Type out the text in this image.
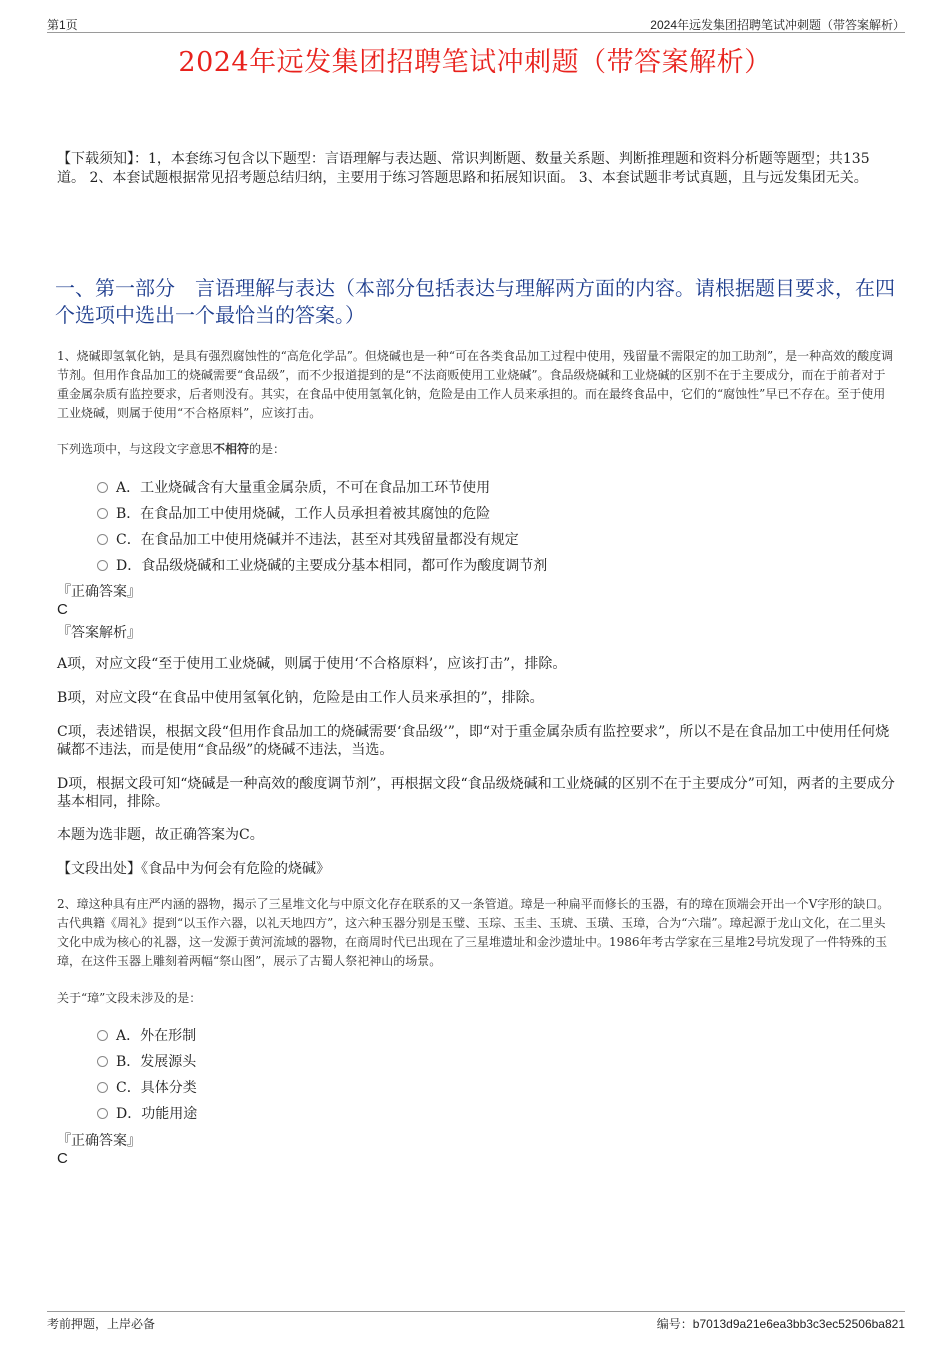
第1页	2024年远发集团招聘笔试冲刺题（带答案解析）
2024年远发集团招聘笔试冲刺题（带答案解析）
【下载须知】：1，本套练习包含以下题型：言语理解与表达题、常识判断题、数量关系题、判断推理题和资料分析题等题型；共135道。 2、本套试题根据常见招考题总结归纳，主要用于练习答题思路和拓展知识面。 3、本套试题非考试真题，且与远发集团无关。
一、第一部分　言语理解与表达（本部分包括表达与理解两方面的内容。请根据题目要求，在四个选项中选出一个最恰当的答案。）
1、烧碱即氢氧化钠，是具有强烈腐蚀性的“高危化学品”。但烧碱也是一种“可在各类食品加工过程中使用，残留量不需限定的加工助剂”，是一种高效的酸度调节剂。但用作食品加工的烧碱需要“食品级”，而不少报道提到的是“不法商贩使用工业烧碱”。食品级烧碱和工业烧碱的区别不在于主要成分，而在于前者对于重金属杂质有监控要求，后者则没有。其实，在食品中使用氢氧化钠，危险是由工作人员来承担的。而在最终食品中，它们的“腐蚀性”早已不存在。至于使用工业烧碱，则属于使用“不合格原料”，应该打击。
下列选项中，与这段文字意思不相符的是：
A．工业烧碱含有大量重金属杂质，不可在食品加工环节使用
B．在食品加工中使用烧碱，工作人员承担着被其腐蚀的危险
C．在食品加工中使用烧碱并不违法，甚至对其残留量都没有规定
D．食品级烧碱和工业烧碱的主要成分基本相同，都可作为酸度调节剂
『正确答案』
C
『答案解析』
A项，对应文段“至于使用工业烧碱，则属于使用‘不合格原料’，应该打击”，排除。
B项，对应文段“在食品中使用氢氧化钠，危险是由工作人员来承担的”，排除。
C项，表述错误，根据文段“但用作食品加工的烧碱需要‘食品级’”，即“对于重金属杂质有监控要求”，所以不是在食品加工中使用任何烧碱都不违法，而是使用“食品级”的烧碱不违法，当选。
D项，根据文段可知“烧碱是一种高效的酸度调节剂”，再根据文段“食品级烧碱和工业烧碱的区别不在于主要成分”可知，两者的主要成分基本相同，排除。
本题为选非题，故正确答案为C。
【文段出处】《食品中为何会有危险的烧碱》
2、璋这种具有庄严内涵的器物，揭示了三星堆文化与中原文化存在联系的又一条管道。璋是一种扁平而修长的玉器，有的璋在顶端会开出一个V字形的缺口。古代典籍《周礼》提到“以玉作六器，以礼天地四方”，这六种玉器分别是玉璧、玉琮、玉圭、玉琥、玉璜、玉璋，合为“六瑞”。璋起源于龙山文化，在二里头文化中成为核心的礼器，这一发源于黄河流域的器物，在商周时代已出现在了三星堆遗址和金沙遗址中。1986年考古学家在三星堆2号坑发现了一件特殊的玉璋，在这件玉器上雕刻着两幅“祭山图”，展示了古蜀人祭祀神山的场景。
关于“璋”文段未涉及的是：
A．外在形制
B．发展源头
C．具体分类
D．功能用途
『正确答案』
C
考前押题，上岸必备	编号：b7013d9a21e6ea3bb3c3ec52506ba821
